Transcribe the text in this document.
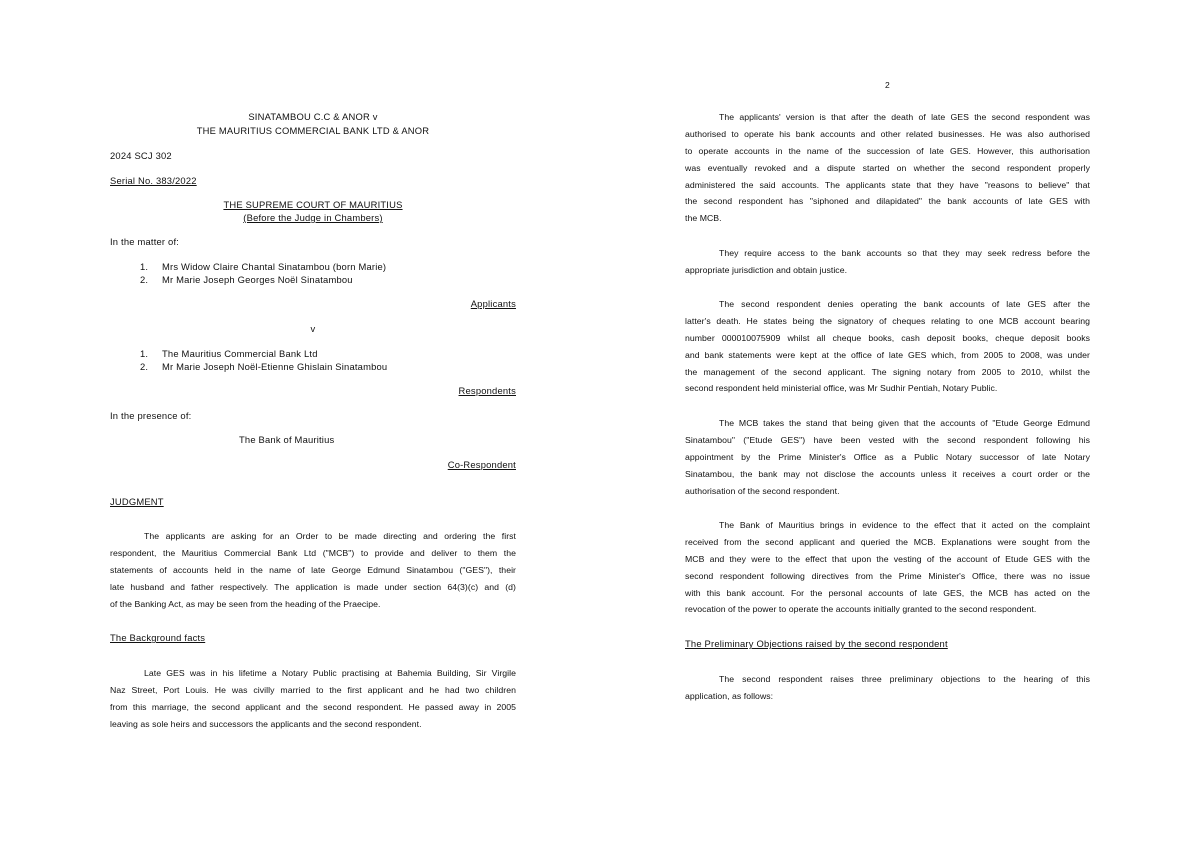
SINATAMBOU C.C & ANOR v
THE MAURITIUS COMMERCIAL BANK LTD & ANOR
2024 SCJ 302
Serial No. 383/2022
THE SUPREME COURT OF MAURITIUS
(Before the Judge in Chambers)
In the matter of:
1.	Mrs Widow Claire Chantal Sinatambou (born Marie)
2.	Mr Marie Joseph Georges Noël Sinatambou
Applicants
v
1.	The Mauritius Commercial Bank Ltd
2.	Mr Marie Joseph Noël-Etienne Ghislain Sinatambou
Respondents
In the presence of:
The Bank of Mauritius
Co-Respondent
JUDGMENT
The applicants are asking for an Order to be made directing and ordering the first
respondent, the Mauritius Commercial Bank Ltd ("MCB") to provide and deliver to them the
statements of accounts held in the name of late George Edmund Sinatambou ("GES"), their
late husband and father respectively. The application is made under section 64(3)(c) and (d)
of the Banking Act, as may be seen from the heading of the Praecipe.
The Background facts
Late GES was in his lifetime a Notary Public practising at Bahemia Building, Sir Virgile
Naz Street, Port Louis. He was civilly married to the first applicant and he had two children
from this marriage, the second applicant and the second respondent. He passed away in 2005
leaving as sole heirs and successors the applicants and the second respondent.
2
The applicants' version is that after the death of late GES the second respondent was
authorised to operate his bank accounts and other related businesses. He was also authorised
to operate accounts in the name of the succession of late GES. However, this authorisation
was eventually revoked and a dispute started on whether the second respondent properly
administered the said accounts. The applicants state that they have "reasons to believe" that
the second respondent has "siphoned and dilapidated" the bank accounts of late GES with
the MCB.
They require access to the bank accounts so that they may seek redress before the
appropriate jurisdiction and obtain justice.
The second respondent denies operating the bank accounts of late GES after the
latter's death. He states being the signatory of cheques relating to one MCB account bearing
number 000010075909 whilst all cheque books, cash deposit books, cheque deposit books
and bank statements were kept at the office of late GES which, from 2005 to 2008, was under
the management of the second applicant. The signing notary from 2005 to 2010, whilst the
second respondent held ministerial office, was Mr Sudhir Pentiah, Notary Public.
The MCB takes the stand that being given that the accounts of "Etude George Edmund
Sinatambou" ("Etude GES") have been vested with the second respondent following his
appointment by the Prime Minister's Office as a Public Notary successor of late Notary
Sinatambou, the bank may not disclose the accounts unless it receives a court order or the
authorisation of the second respondent.
The Bank of Mauritius brings in evidence to the effect that it acted on the complaint
received from the second applicant and queried the MCB. Explanations were sought from the
MCB and they were to the effect that upon the vesting of the account of Etude GES with the
second respondent following directives from the Prime Minister's Office, there was no issue
with this bank account. For the personal accounts of late GES, the MCB has acted on the
revocation of the power to operate the accounts initially granted to the second respondent.
The Preliminary Objections raised by the second respondent
The second respondent raises three preliminary objections to the hearing of this
application, as follows:
